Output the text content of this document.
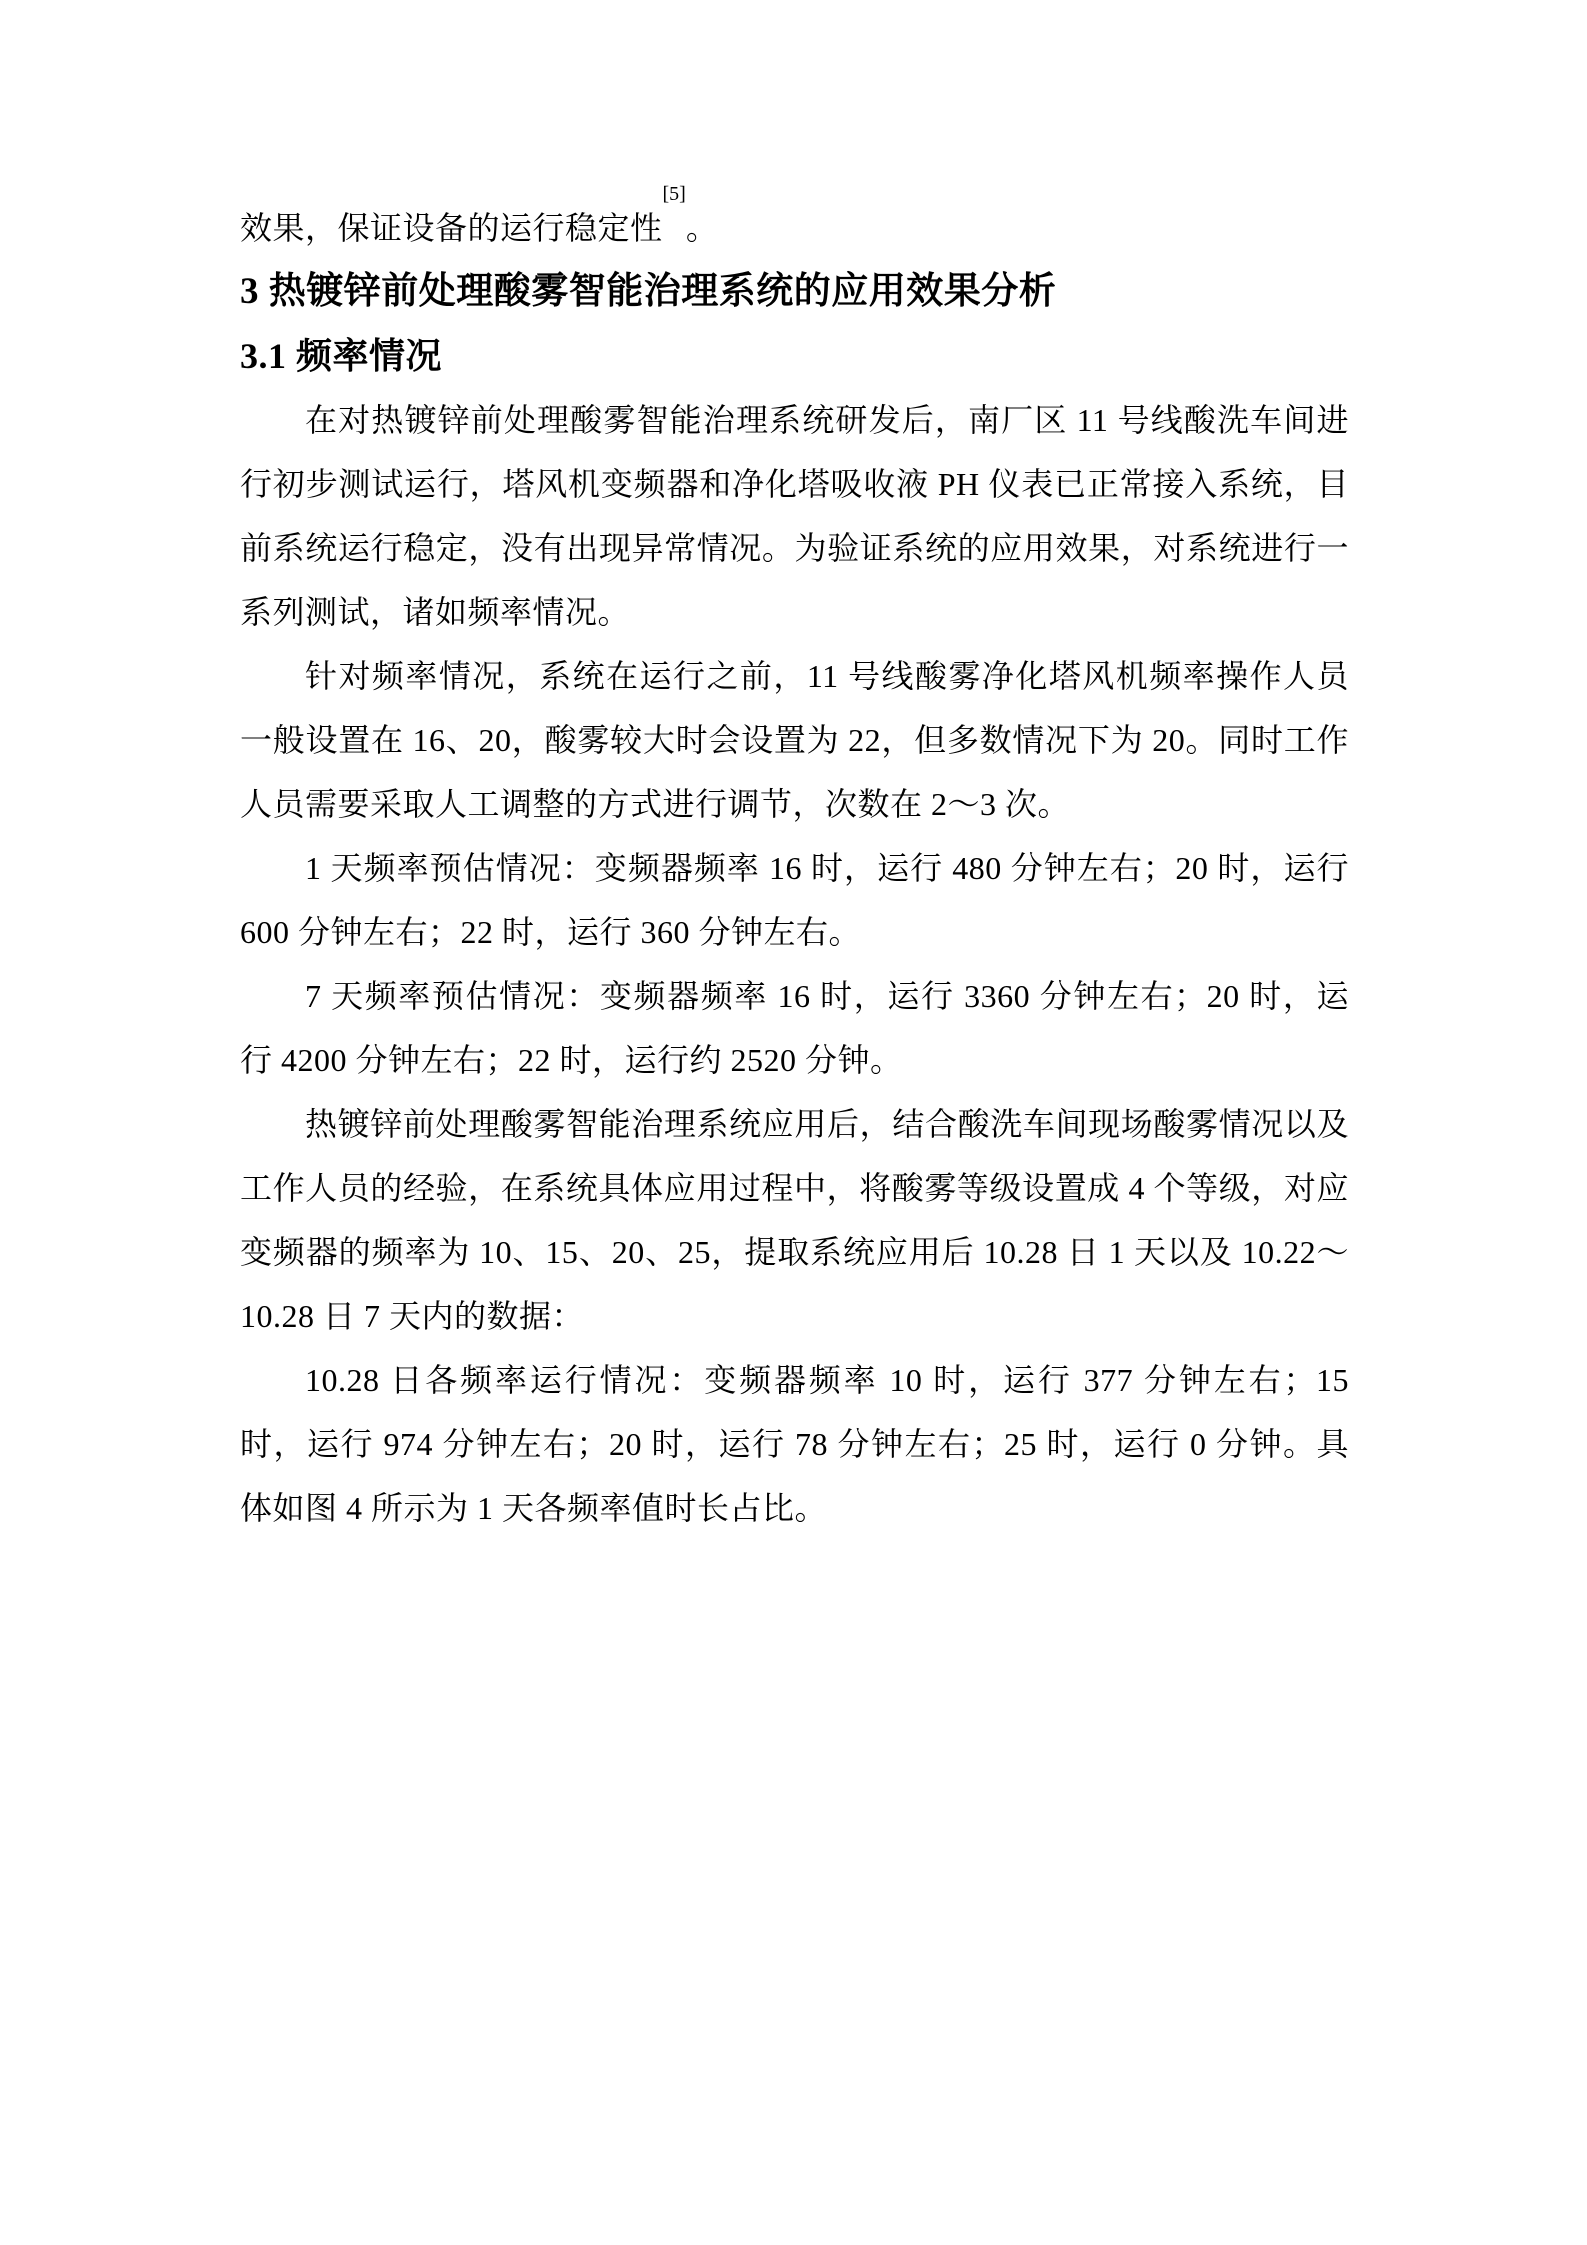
效果，保证设备的运行稳定性[5]。

3 热镀锌前处理酸雾智能治理系统的应用效果分析
3.1 频率情况

在对热镀锌前处理酸雾智能治理系统研发后，南厂区 11 号线酸洗车间进行初步测试运行，塔风机变频器和净化塔吸收液 PH 仪表已正常接入系统，目前系统运行稳定，没有出现异常情况。为验证系统的应用效果，对系统进行一系列测试，诸如频率情况。

针对频率情况，系统在运行之前，11 号线酸雾净化塔风机频率操作人员一般设置在 16、20，酸雾较大时会设置为 22，但多数情况下为 20。同时工作人员需要采取人工调整的方式进行调节，次数在 2～3 次。

1 天频率预估情况：变频器频率 16 时，运行 480 分钟左右；20 时，运行 600 分钟左右；22 时，运行 360 分钟左右。

7 天频率预估情况：变频器频率 16 时，运行 3360 分钟左右；20 时，运行 4200 分钟左右；22 时，运行约 2520 分钟。

热镀锌前处理酸雾智能治理系统应用后，结合酸洗车间现场酸雾情况以及工作人员的经验，在系统具体应用过程中，将酸雾等级设置成 4 个等级，对应变频器的频率为 10、15、20、25，提取系统应用后 10.28 日 1 天以及 10.22～10.28 日 7 天内的数据：

10.28 日各频率运行情况：变频器频率 10 时，运行 377 分钟左右；15 时，运行 974 分钟左右；20 时，运行 78 分钟左右；25 时，运行 0 分钟。具体如图 4 所示为 1 天各频率值时长占比。
